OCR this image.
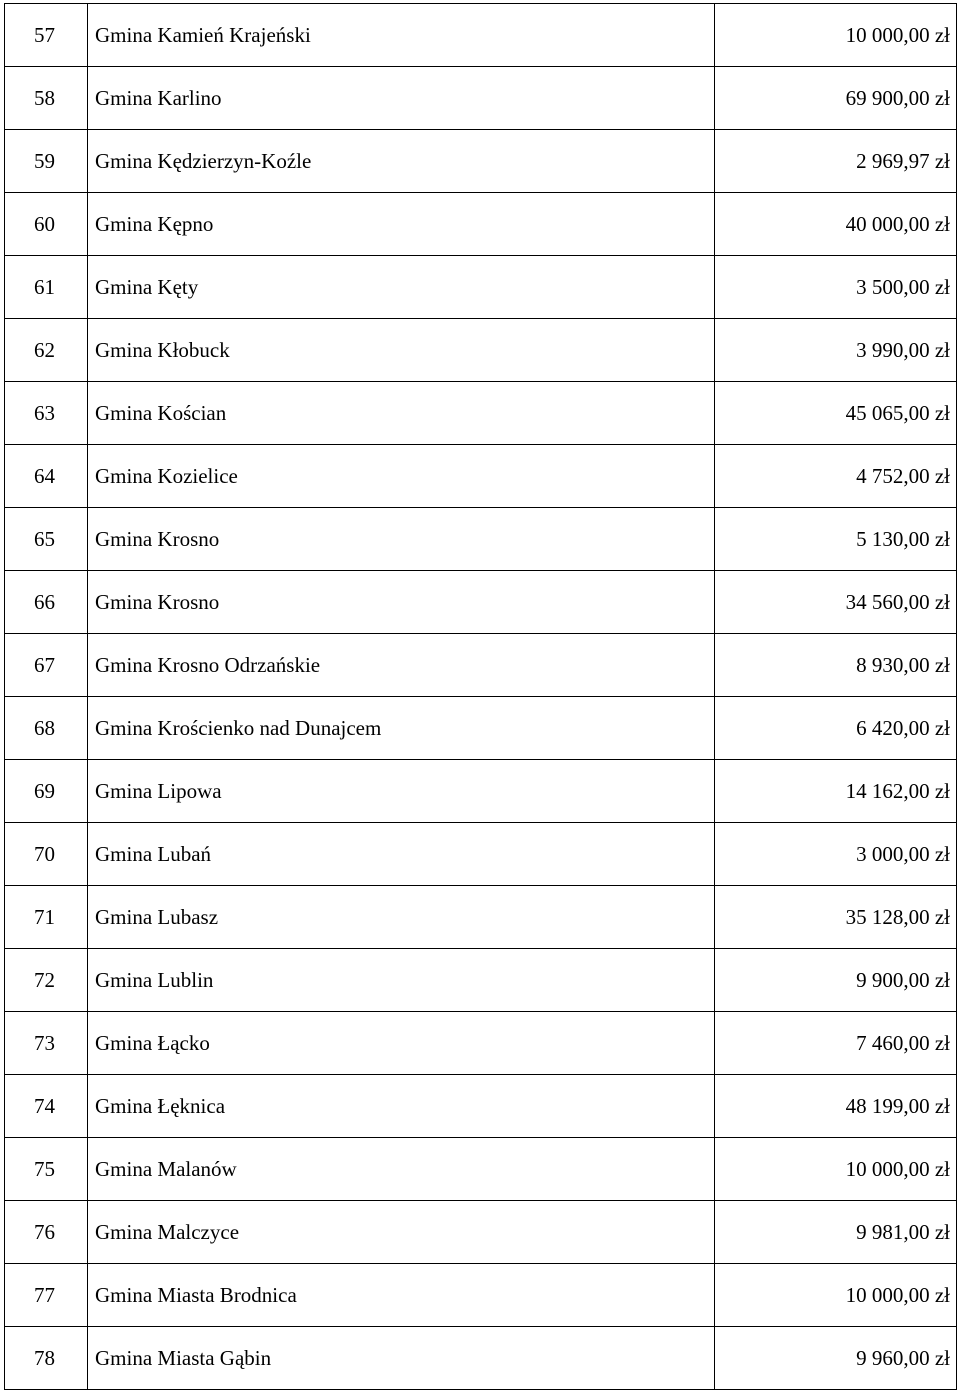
57	Gmina Kamień Krajeński	10 000,00 zł
58	Gmina Karlino	69 900,00 zł
59	Gmina Kędzierzyn-Koźle	2 969,97 zł
60	Gmina Kępno	40 000,00 zł
61	Gmina Kęty	3 500,00 zł
62	Gmina Kłobuck	3 990,00 zł
63	Gmina Kościan	45 065,00 zł
64	Gmina Kozielice	4 752,00 zł
65	Gmina Krosno	5 130,00 zł
66	Gmina Krosno	34 560,00 zł
67	Gmina Krosno Odrzańskie	8 930,00 zł
68	Gmina Krościenko nad Dunajcem	6 420,00 zł
69	Gmina Lipowa	14 162,00 zł
70	Gmina Lubań	3 000,00 zł
71	Gmina Lubasz	35 128,00 zł
72	Gmina Lublin	9 900,00 zł
73	Gmina Łącko	7 460,00 zł
74	Gmina Łęknica	48 199,00 zł
75	Gmina Malanów	10 000,00 zł
76	Gmina Malczyce	9 981,00 zł
77	Gmina Miasta Brodnica	10 000,00 zł
78	Gmina Miasta Gąbin	9 960,00 zł
